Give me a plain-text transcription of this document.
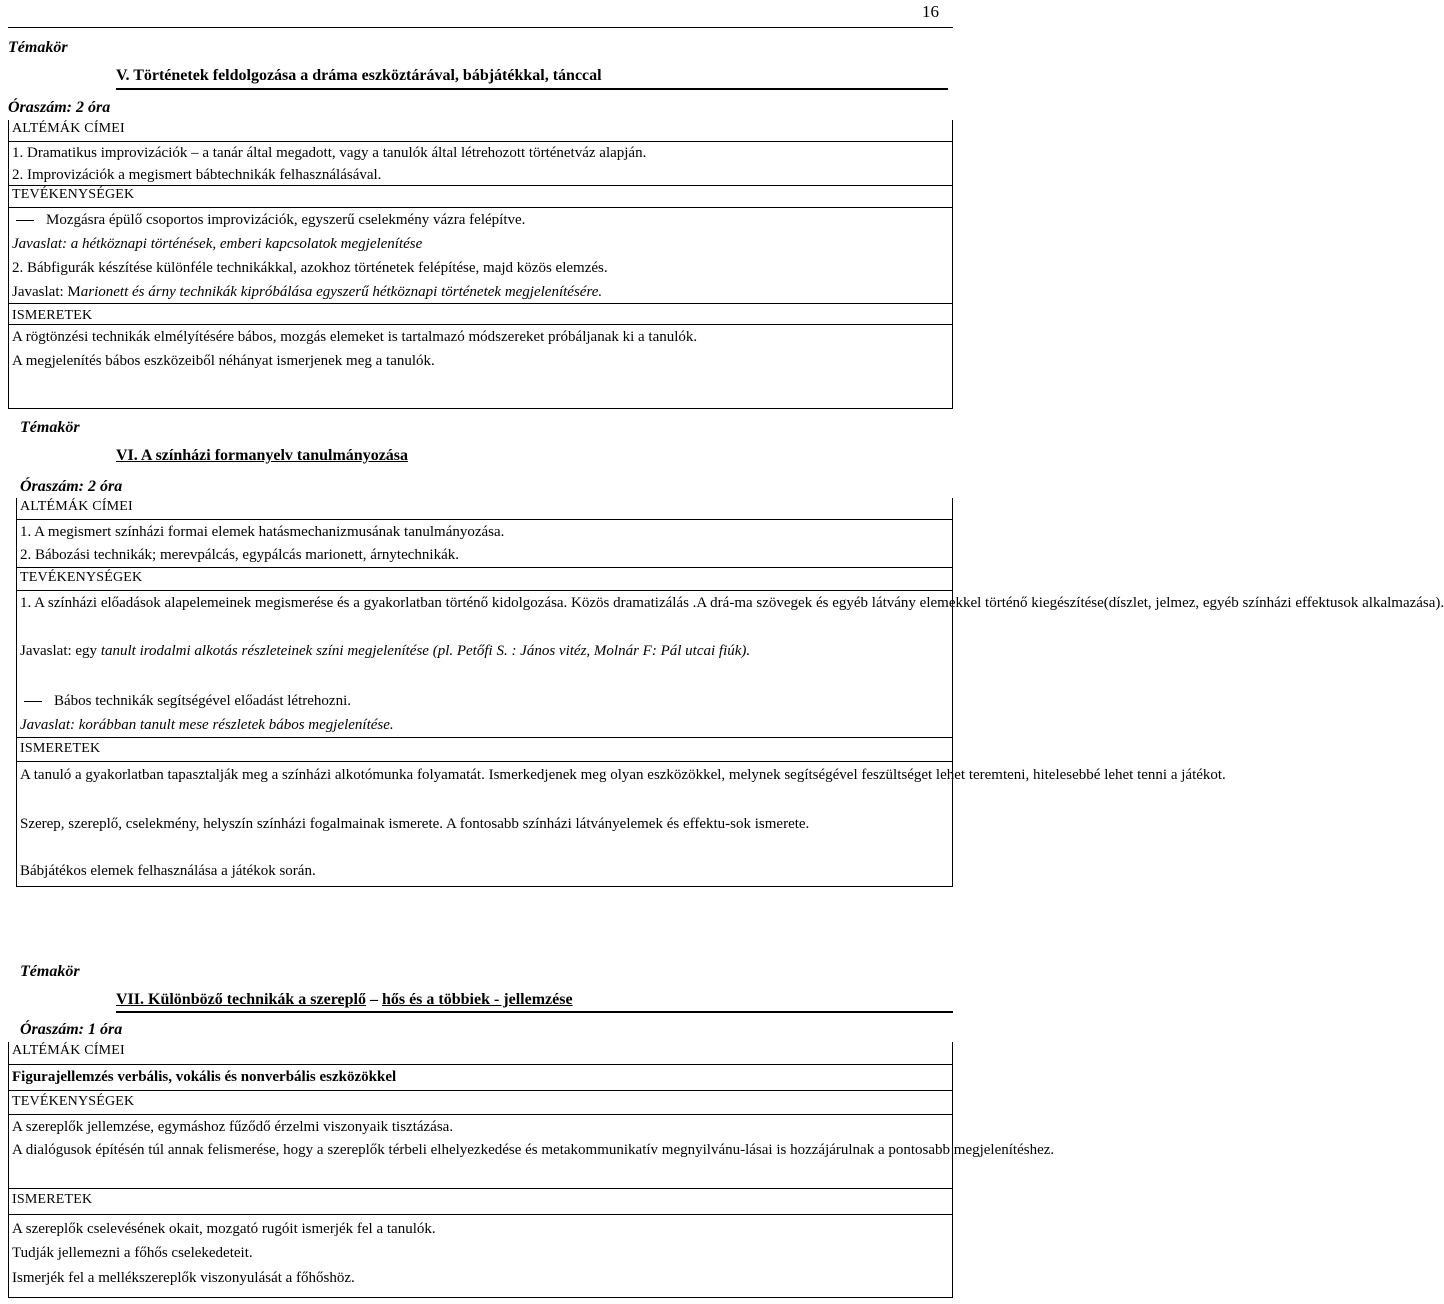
16
Témakör
V. Történetek feldolgozása a dráma eszköztárával, bábjátékkal, tánccal
Óraszám: 2 óra
ALTÉMÁK CÍMEI
1. Dramatikus improvizációk – a tanár által megadott, vagy a tanulók által létrehozott történetváz alapján.
2. Improvizációk a megismert bábtechnikák felhasználásával.
TEVÉKENYSÉGEK
Mozgásra épülő csoportos improvizációk, egyszerű cselekmény vázra felépítve.
Javaslat: a hétköznapi történések, emberi kapcsolatok megjelenítése
2. Bábfigurák készítése különféle technikákkal, azokhoz történetek felépítése, majd közös elemzés.
Javaslat: Marionett és árny technikák kipróbálása egyszerű hétköznapi történetek megjelenítésére.
ISMERETEK
A rögtönzési technikák elmélyítésére bábos, mozgás elemeket is tartalmazó módszereket próbáljanak ki a tanulók.
A megjelenítés bábos eszközeiből néhányat ismerjenek meg a tanulók.
Témakör
VI. A színházi formanyelv tanulmányozása
Óraszám: 2 óra
ALTÉMÁK CÍMEI
1. A megismert színházi formai elemek hatásmechanizmusának tanulmányozása.
2. Bábozási technikák; merevpálcás, egypálcás marionett, árnytechnikák.
TEVÉKENYSÉGEK
1. A színházi előadások alapelemeinek megismerése és a gyakorlatban történő kidolgozása. Közös dramatizálás .A drá-ma szövegek és egyéb látvány elemekkel történő kiegészítése(díszlet, jelmez, egyéb színházi effektusok alkalmazása).
Javaslat: egy tanult irodalmi alkotás részleteinek színi megjelenítése (pl. Petőfi S. : János vitéz, Molnár F: Pál utcai fiúk).
Bábos technikák segítségével előadást létrehozni.
Javaslat: korábban tanult mese részletek bábos megjelenítése.
ISMERETEK
A tanuló a gyakorlatban tapasztalják meg a színházi alkotómunka folyamatát. Ismerkedjenek meg olyan eszközökkel, melynek segítségével feszültséget lehet teremteni, hitelesebbé lehet tenni a játékot.
Szerep, szereplő, cselekmény, helyszín színházi fogalmainak ismerete. A fontosabb színházi látványelemek és effektu-sok ismerete.
Bábjátékos elemek felhasználása a játékok során.
Témakör
VII. Különböző technikák a szereplő – hős és a többiek - jellemzése
Óraszám: 1 óra
ALTÉMÁK CÍMEI
Figurajellemzés verbális, vokális és nonverbális eszközökkel
TEVÉKENYSÉGEK
A szereplők jellemzése, egymáshoz fűződő érzelmi viszonyaik tisztázása.
A dialógusok építésén túl annak felismerése, hogy a szereplők térbeli elhelyezkedése és metakommunikatív megnyilvánu-lásai is hozzájárulnak a pontosabb megjelenítéshez.
ISMERETEK
A szereplők cselevésének okait, mozgató rugóit ismerjék fel a tanulók.
Tudják jellemezni a főhős cselekedeteit.
Ismerjék fel a mellékszereplők viszonyulását a főhőshöz.
